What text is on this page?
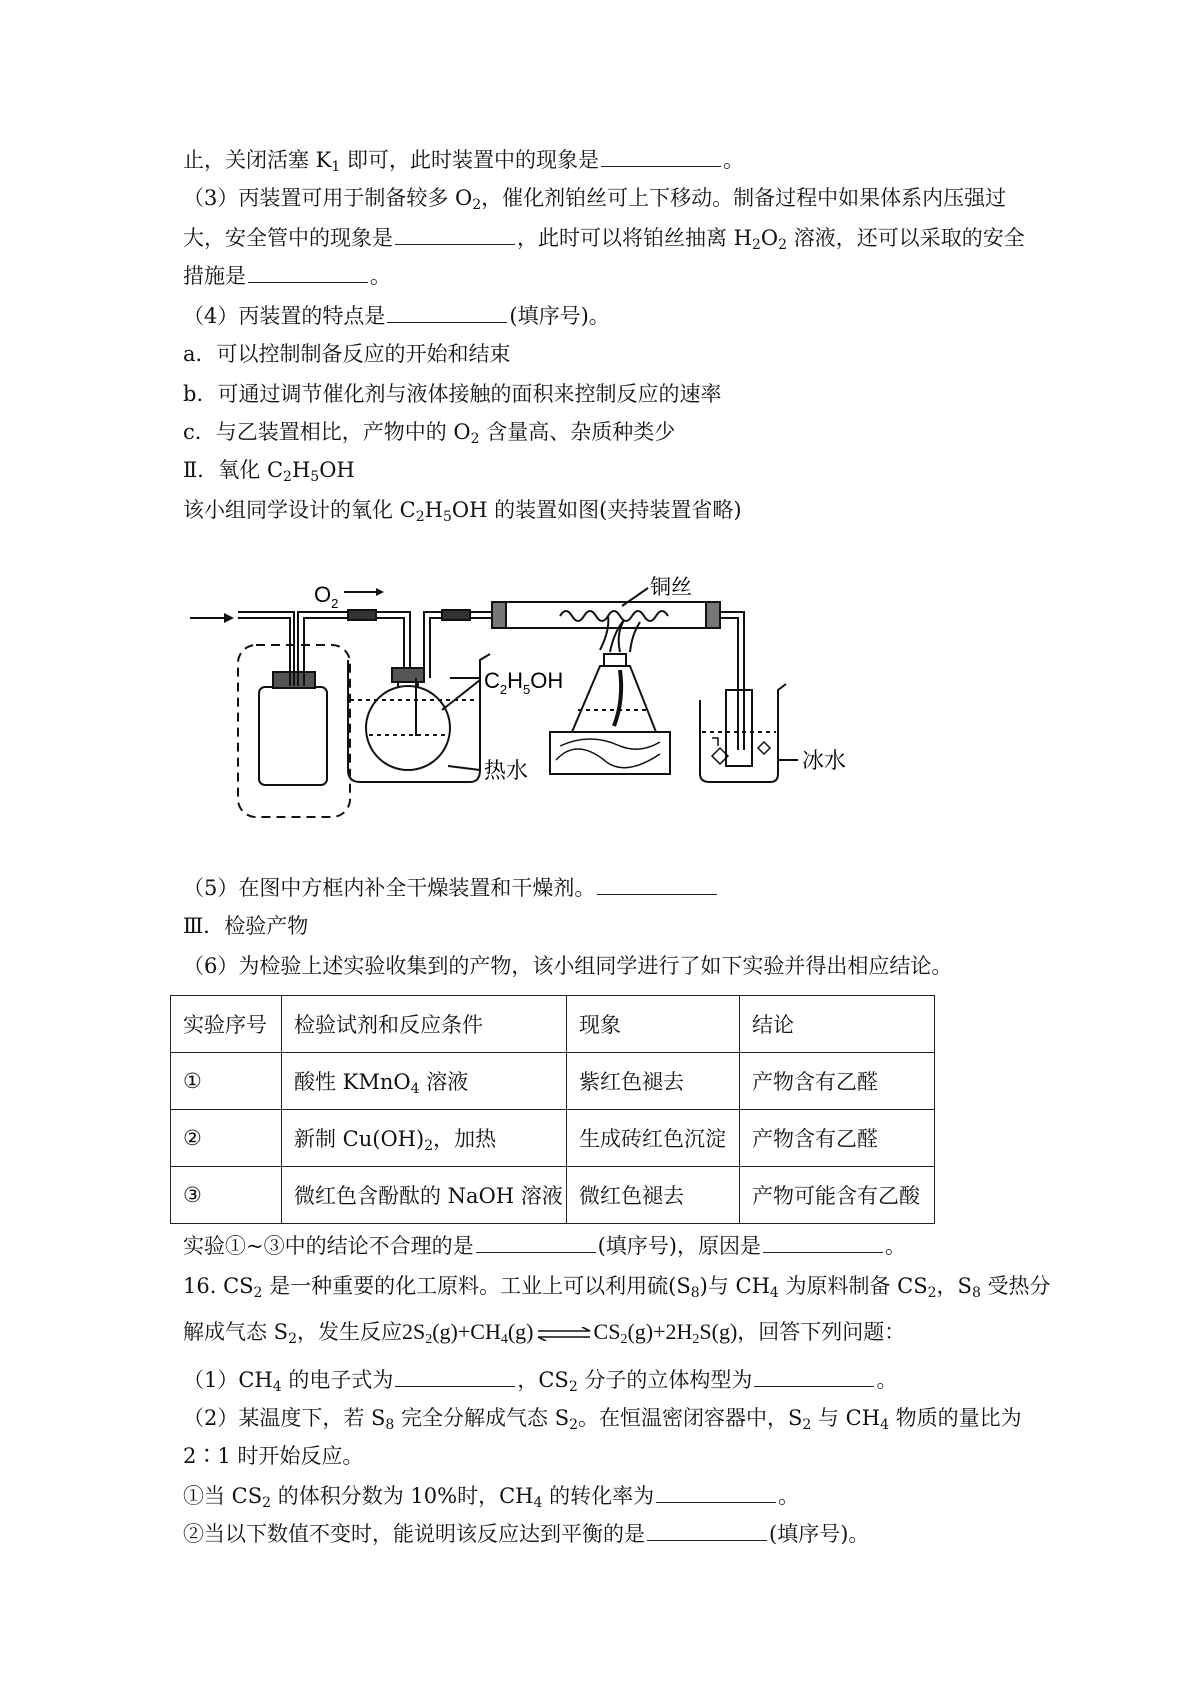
止，关闭活塞 $K_1$ 即可，此时装置中的现象是	。
（3）丙装置可用于制备较多 $O_2$，催化剂铂丝可上下移动。制备过程中如果体系内压强过
大，安全管中的现象是	，此时可以将铂丝抽离 $H_2O_2$ 溶液，还可以采取的安全
措施是	。
（4）丙装置的特点是	(填序号)。
a．可以控制制备反应的开始和结束
b．可通过调节催化剂与液体接触的面积来控制反应的速率
c．与乙装置相比，产物中的 $O_2$ 含量高、杂质种类少
Ⅱ．氧化 $C_2H_5OH$
该小组同学设计的氧化 $C_2H_5OH$ 的装置如图(夹持装置省略)
$O_2$
铜丝
$C_2H_5OH$
热水	冰水
（5）在图中方框内补全干燥装置和干燥剂。
Ⅲ．检验产物
（6）为检验上述实验收集到的产物，该小组同学进行了如下实验并得出相应结论。
实验序号	检验试剂和反应条件	现象	结论
①	酸性 KMnO$_4$ 溶液	紫红色褪去	产物含有乙醛
②	新制 $Cu(OH)_2$，加热	生成砖红色沉淀	产物含有乙醛
③	微红色含酚酞的 NaOH 溶液	微红色褪去	产物可能含有乙酸
实验①~③中的结论不合理的是	(填序号)，原因是	。
16. $CS_2$ 是一种重要的化工原料。工业上可以利用硫$(S_8)$与 $CH_4$ 为原料制备 $CS_2$，$S_8$ 受热分
解成气态 $S_2$，发生反应$2S_2(g)+CH_4(g)$ ⇌ $CS_2(g)+2H_2S(g)$，回答下列问题：
$(1)CH_4$ 的电子式为	，$CS_2$ 分子的立体构型为	。
（2）某温度下，若 $S_8$ 完全分解成气态 $S_2$。在恒温密闭容器中，$S_2$ 与 $CH_4$ 物质的量比为
2∶1 时开始反应。
①当 $CS_2$ 的体积分数为 10%时，$CH_4$ 的转化率为	。
②当以下数值不变时，能说明该反应达到平衡的是	(填序号)。
